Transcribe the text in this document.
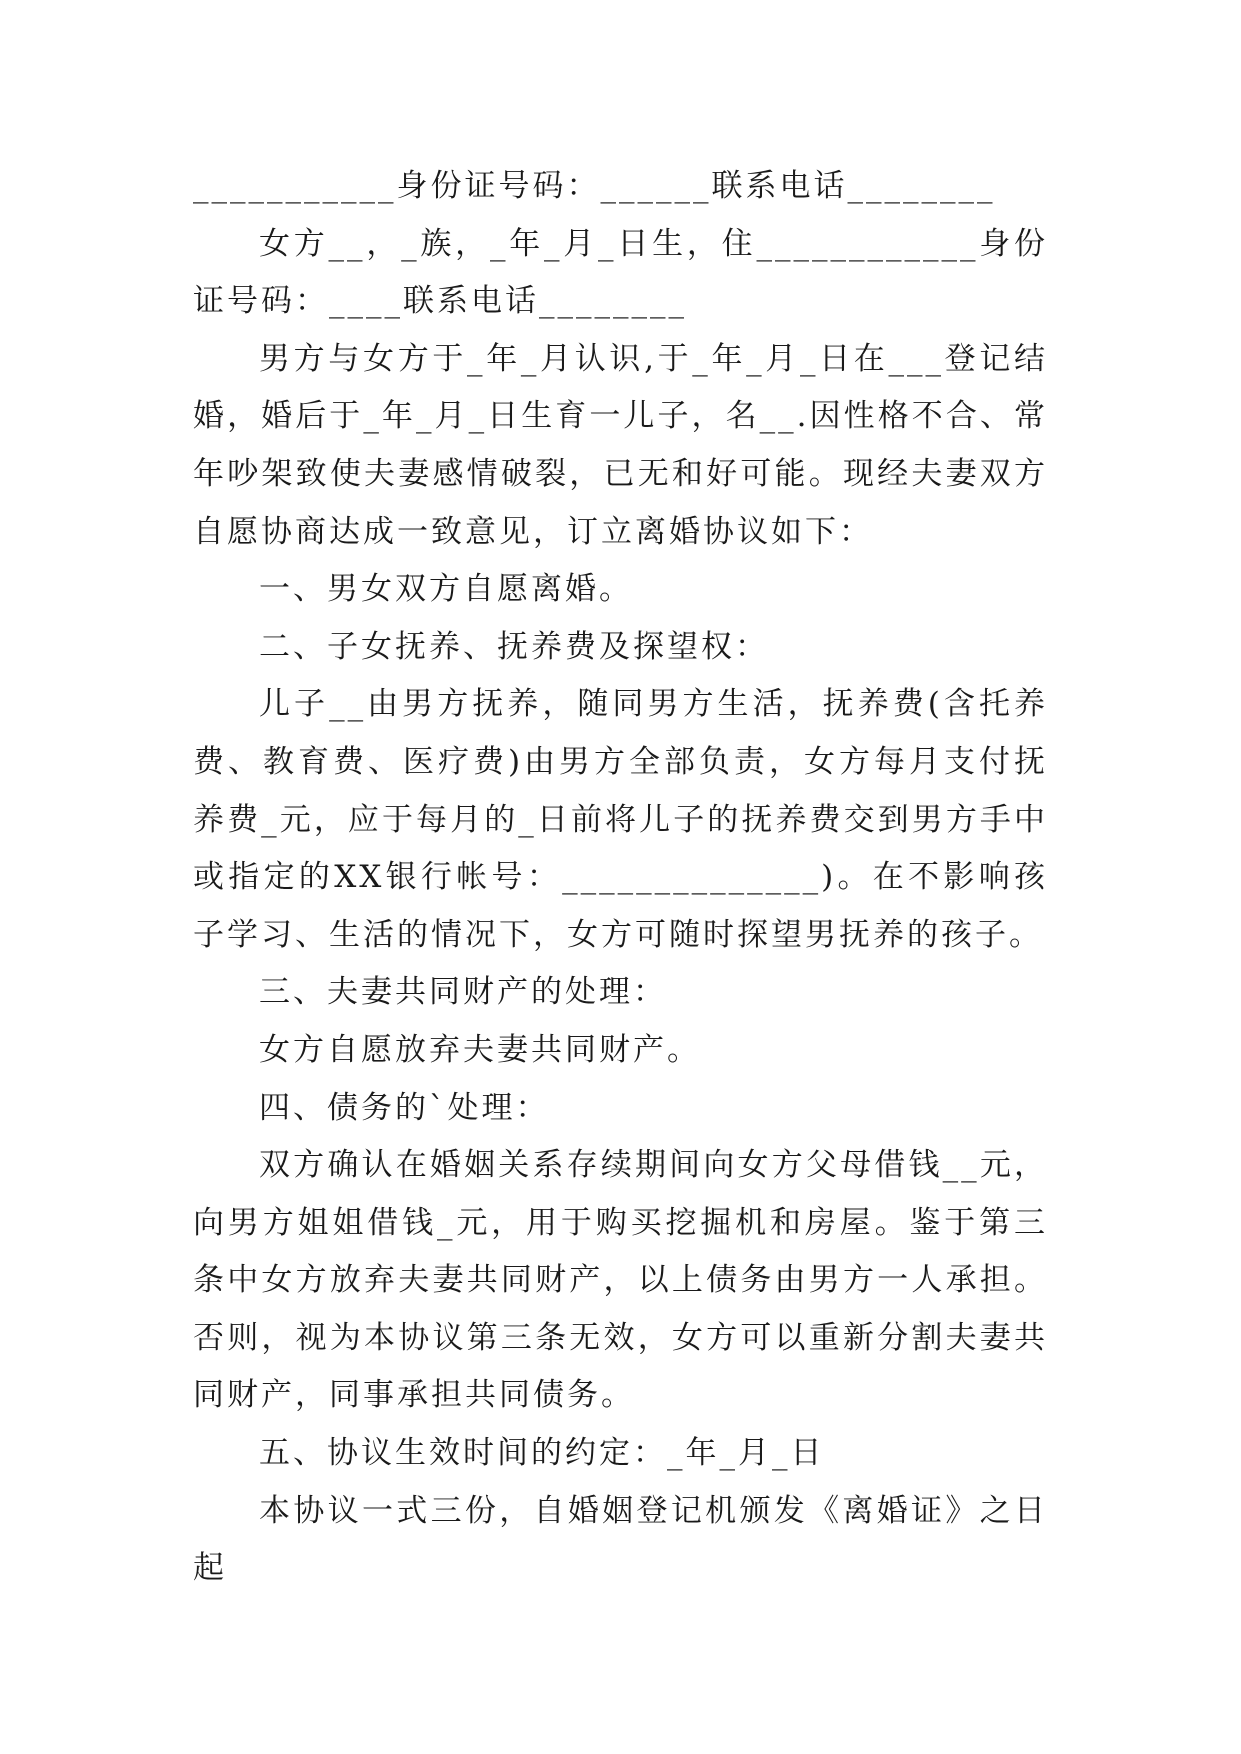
___________身份证号码：______联系电话________

女方__，_族，_年_月_日生，住____________身份证号码：____联系电话________

男方与女方于_年_月认识,于_年_月_日在___登记结婚，婚后于_年_月_日生育一儿子，名__.因性格不合、常年吵架致使夫妻感情破裂，已无和好可能。现经夫妻双方自愿协商达成一致意见，订立离婚协议如下：

一、男女双方自愿离婚。

二、子女抚养、抚养费及探望权：

儿子__由男方抚养，随同男方生活，抚养费(含托养费、教育费、医疗费)由男方全部负责，女方每月支付抚养费_元，应于每月的_日前将儿子的抚养费交到男方手中或指定的XX银行帐号：______________)。在不影响孩子学习、生活的情况下，女方可随时探望男抚养的孩子。

三、夫妻共同财产的处理：

女方自愿放弃夫妻共同财产。

四、债务的`处理：

双方确认在婚姻关系存续期间向女方父母借钱__元，向男方姐姐借钱_元，用于购买挖掘机和房屋。鉴于第三条中女方放弃夫妻共同财产，以上债务由男方一人承担。否则，视为本协议第三条无效，女方可以重新分割夫妻共同财产，同事承担共同债务。

五、协议生效时间的约定：_年_月_日

本协议一式三份，自婚姻登记机颁发《离婚证》之日起
